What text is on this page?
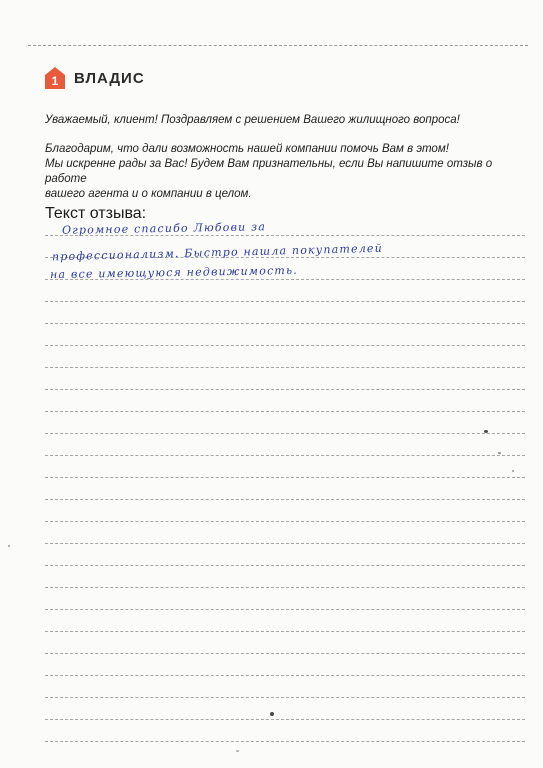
1 ВЛАДИС
Уважаемый, клиент! Поздравляем с решением Вашего жилищного вопроса!
Благодарим, что дали возможность нашей компании помочь Вам в этом!
Мы искренне рады за Вас! Будем Вам признательны, если Вы напишите отзыв о работе
вашего агента и о компании в целом.
Текст отзыва:
Огромное спасибо Любови за
профессионализм. Быстро нашла покупателей
на все имеющуюся недвижимость.
